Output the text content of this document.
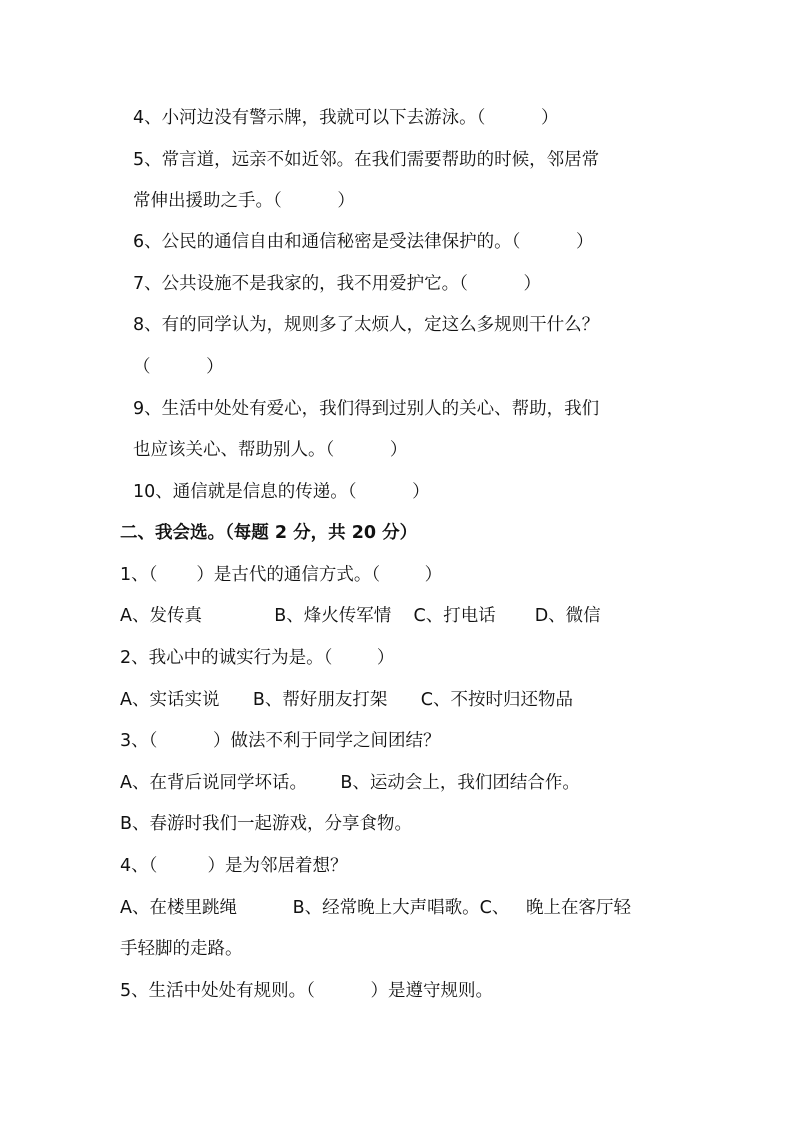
4、小河边没有警示牌，我就可以下去游泳。（          ）
5、常言道，远亲不如近邻。在我们需要帮助的时候，邻居常
常伸出援助之手。（          ）
6、公民的通信自由和通信秘密是受法律保护的。（          ）
7、公共设施不是我家的，我不用爱护它。（          ）
8、有的同学认为，规则多了太烦人，定这么多规则干什么？
（          ）
9、生活中处处有爱心，我们得到过别人的关心、帮助，我们
也应该关心、帮助别人。（          ）
10、通信就是信息的传递。（          ）
二、我会选。（每题 2 分，共 20 分）
1、（       ）是古代的通信方式。（        ）
A、发传真             B、烽火传军情    C、打电话       D、微信
2、我心中的诚实行为是。（        ）
A、实话实说      B、帮好朋友打架      C、不按时归还物品
3、（          ）做法不利于同学之间团结？
A、在背后说同学坏话。      B、运动会上，我们团结合作。
B、春游时我们一起游戏，分享食物。
4、（         ）是为邻居着想？
A、在楼里跳绳          B、经常晚上大声唱歌。C、   晚上在客厅轻
手轻脚的走路。
5、生活中处处有规则。（          ）是遵守规则。
